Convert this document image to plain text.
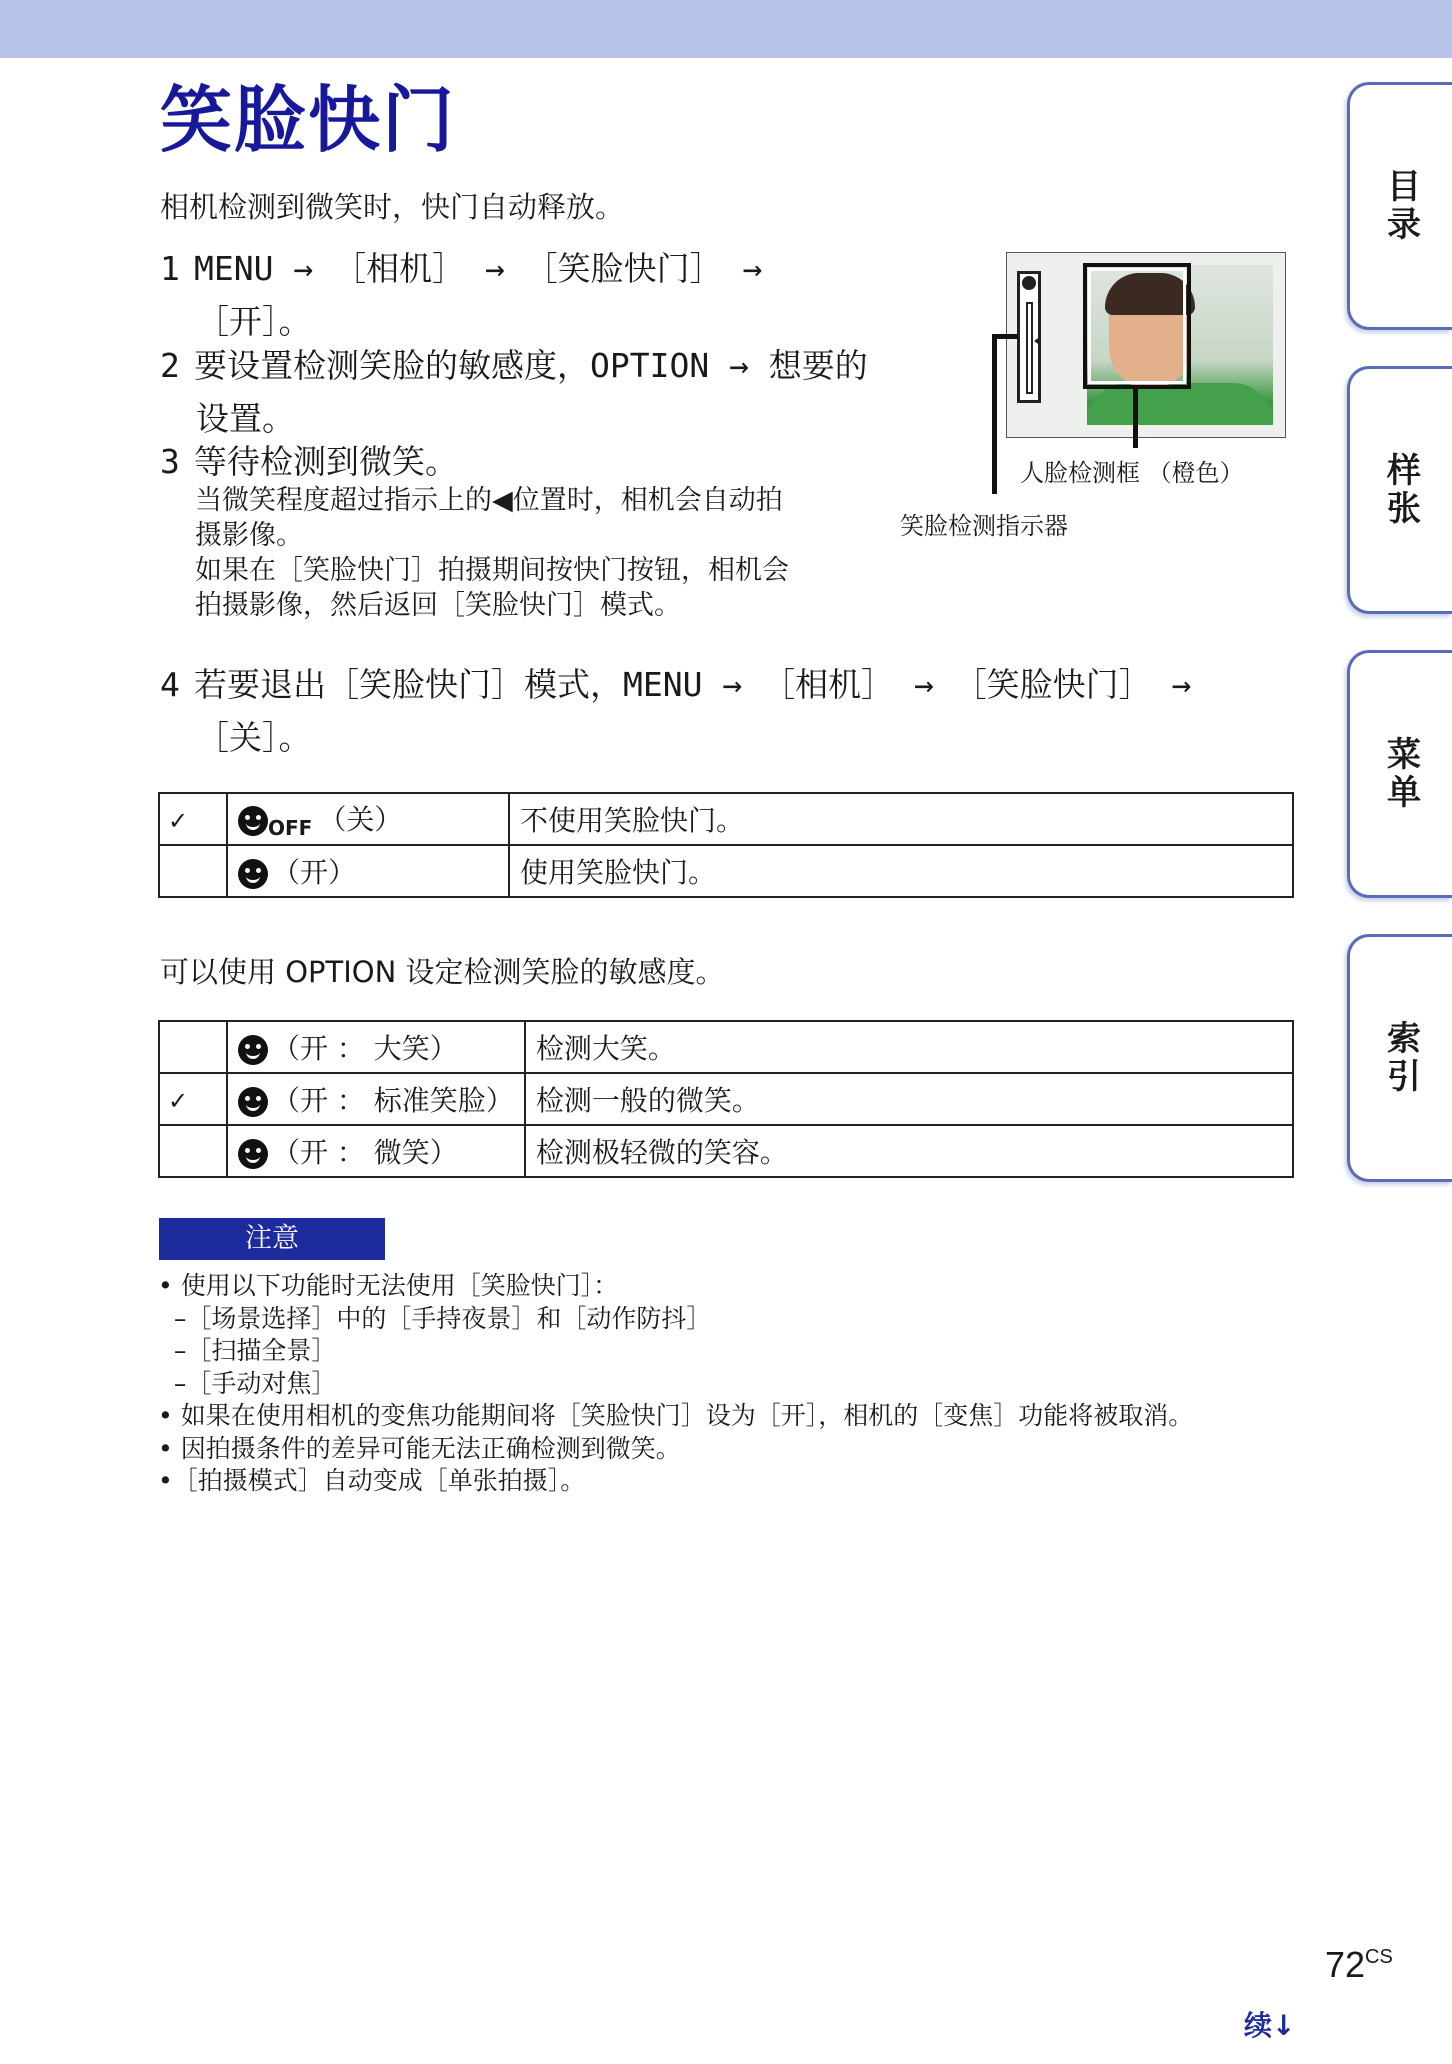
笑脸快门
相机检测到微笑时，快门自动释放。
1 MENU → ［相机］ → ［笑脸快门］ →
［开］。
2 要设置检测笑脸的敏感度，OPTION → 想要的
设置。
3 等待检测到微笑。
当微笑程度超过指示上的◀位置时，相机会自动拍
摄影像。
如果在［笑脸快门］拍摄期间按快门按钮，相机会
拍摄影像，然后返回［笑脸快门］模式。
人脸检测框 （橙色）
笑脸检测指示器
4 若要退出［笑脸快门］模式，MENU → ［相机］ → ［笑脸快门］ →
［关］。
✓	$_{OFF}$ （关）	不使用笑脸快门。
	（开）	使用笑脸快门。
可以使用 OPTION 设定检测笑脸的敏感度。
	（开 ： 大笑）	检测大笑。
✓	（开 ： 标准笑脸）	检测一般的微笑。
	（开 ： 微笑）	检测极轻微的笑容。
注意
• 使用以下功能时无法使用［笑脸快门］：
–［场景选择］中的［手持夜景］和［动作防抖］
–［扫描全景］
–［手动对焦］
• 如果在使用相机的变焦功能期间将［笑脸快门］设为［开］，相机的［变焦］功能将被取消。
• 因拍摄条件的差异可能无法正确检测到微笑。
•［拍摄模式］自动变成［单张拍摄］。
目录
样张
菜单
索引
$72^{CS}$
续↓
